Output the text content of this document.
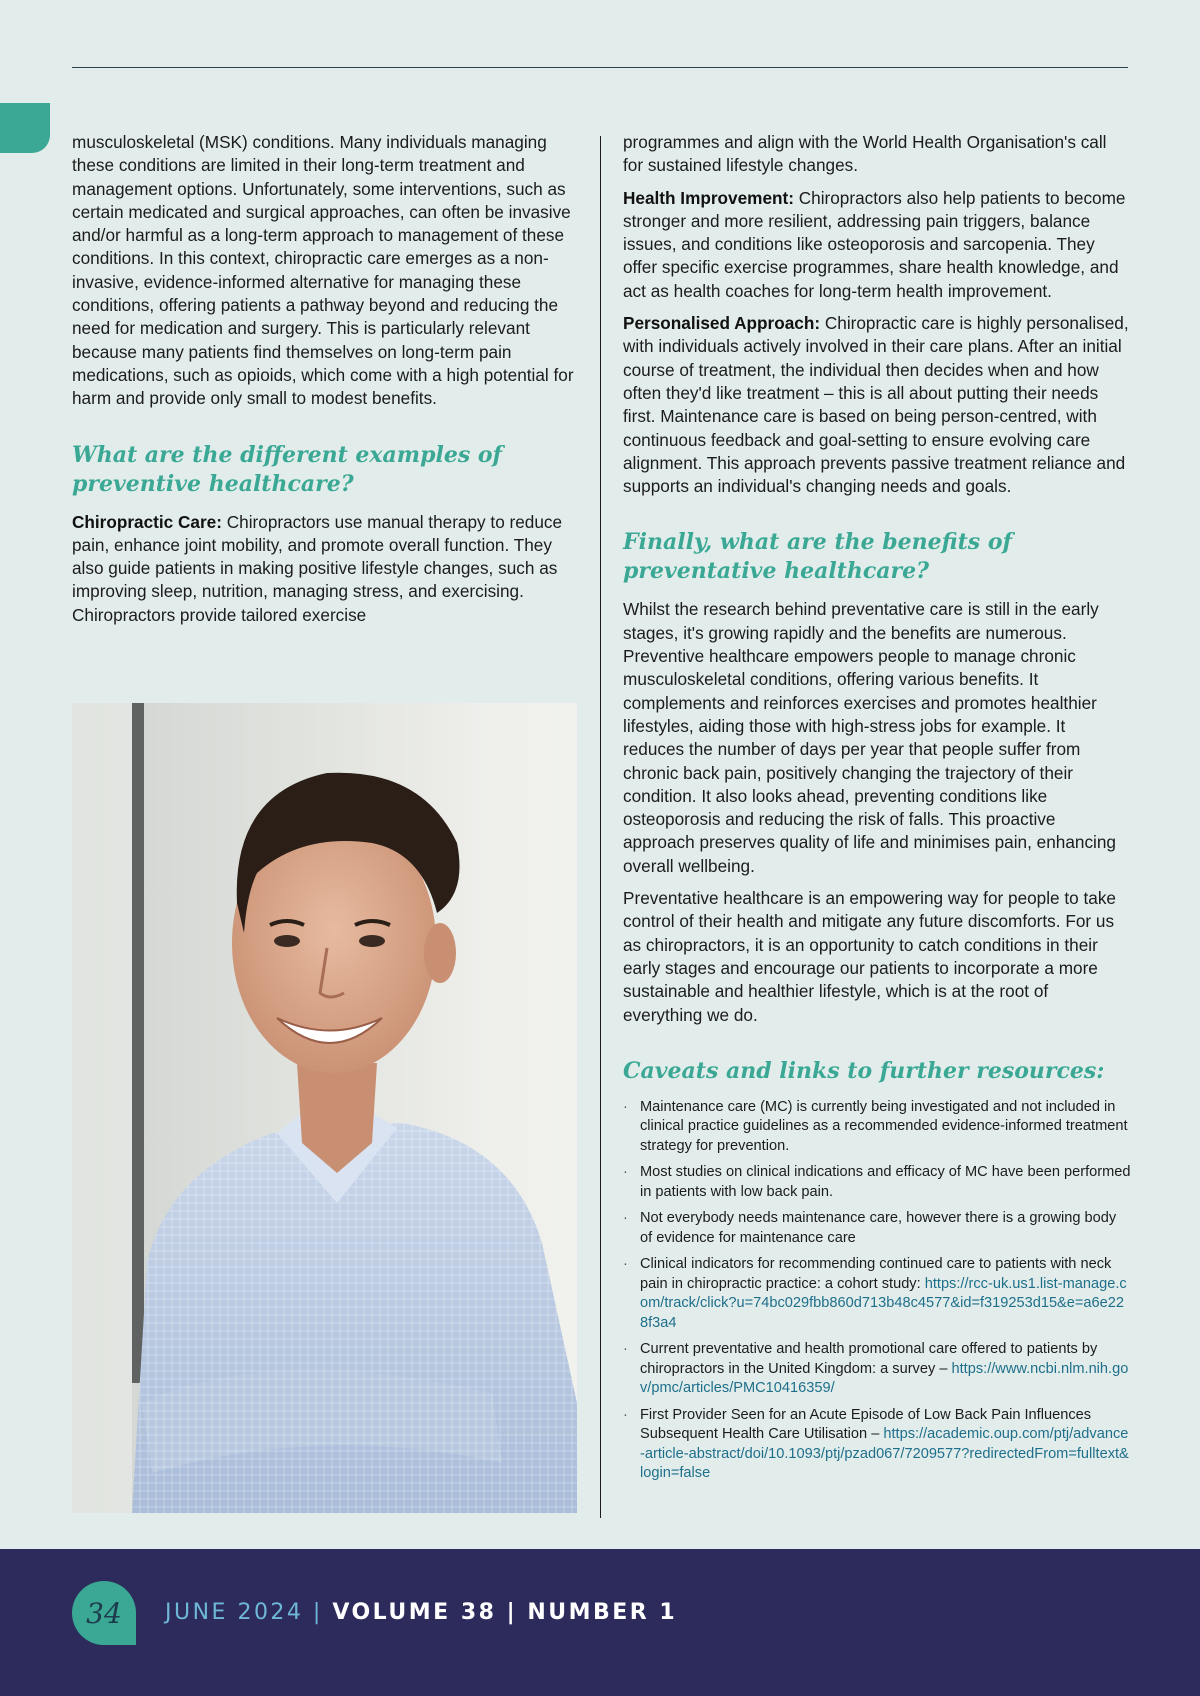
musculoskeletal (MSK) conditions. Many individuals managing these conditions are limited in their long-term treatment and management options. Unfortunately, some interventions, such as certain medicated and surgical approaches, can often be invasive and/or harmful as a long-term approach to management of these conditions. In this context, chiropractic care emerges as a non-invasive, evidence-informed alternative for managing these conditions, offering patients a pathway beyond and reducing the need for medication and surgery. This is particularly relevant because many patients find themselves on long-term pain medications, such as opioids, which come with a high potential for harm and provide only small to modest benefits.

What are the different examples of preventive healthcare?

Chiropractic Care: Chiropractors use manual therapy to reduce pain, enhance joint mobility, and promote overall function. They also guide patients in making positive lifestyle changes, such as improving sleep, nutrition, managing stress, and exercising. Chiropractors provide tailored exercise

programmes and align with the World Health Organisation's call for sustained lifestyle changes.

Health Improvement: Chiropractors also help patients to become stronger and more resilient, addressing pain triggers, balance issues, and conditions like osteoporosis and sarcopenia. They offer specific exercise programmes, share health knowledge, and act as health coaches for long-term health improvement.

Personalised Approach: Chiropractic care is highly personalised, with individuals actively involved in their care plans. After an initial course of treatment, the individual then decides when and how often they'd like treatment – this is all about putting their needs first. Maintenance care is based on being person-centred, with continuous feedback and goal-setting to ensure evolving care alignment. This approach prevents passive treatment reliance and supports an individual's changing needs and goals.

Finally, what are the benefits of preventative healthcare?

Whilst the research behind preventative care is still in the early stages, it's growing rapidly and the benefits are numerous. Preventive healthcare empowers people to manage chronic musculoskeletal conditions, offering various benefits. It complements and reinforces exercises and promotes healthier lifestyles, aiding those with high-stress jobs for example. It reduces the number of days per year that people suffer from chronic back pain, positively changing the trajectory of their condition. It also looks ahead, preventing conditions like osteoporosis and reducing the risk of falls. This proactive approach preserves quality of life and minimises pain, enhancing overall wellbeing.

Preventative healthcare is an empowering way for people to take control of their health and mitigate any future discomforts. For us as chiropractors, it is an opportunity to catch conditions in their early stages and encourage our patients to incorporate a more sustainable and healthier lifestyle, which is at the root of everything we do.

Caveats and links to further resources:
· Maintenance care (MC) is currently being investigated and not included in clinical practice guidelines as a recommended evidence-informed treatment strategy for prevention.
· Most studies on clinical indications and efficacy of MC have been performed in patients with low back pain.
· Not everybody needs maintenance care, however there is a growing body of evidence for maintenance care
· Clinical indicators for recommending continued care to patients with neck pain in chiropractic practice: a cohort study: https://rcc-uk.us1.list-manage.com/track/click?u=74bc029fbb860d713b48c4577&id=f319253d15&e=a6e228f3a4
· Current preventative and health promotional care offered to patients by chiropractors in the United Kingdom: a survey – https://www.ncbi.nlm.nih.gov/pmc/articles/PMC10416359/
· First Provider Seen for an Acute Episode of Low Back Pain Influences Subsequent Health Care Utilisation – https://academic.oup.com/ptj/advance-article-abstract/doi/10.1093/ptj/pzad067/7209577?redirectedFrom=fulltext&login=false
34 JUNE 2024 | VOLUME 38 | NUMBER 1
